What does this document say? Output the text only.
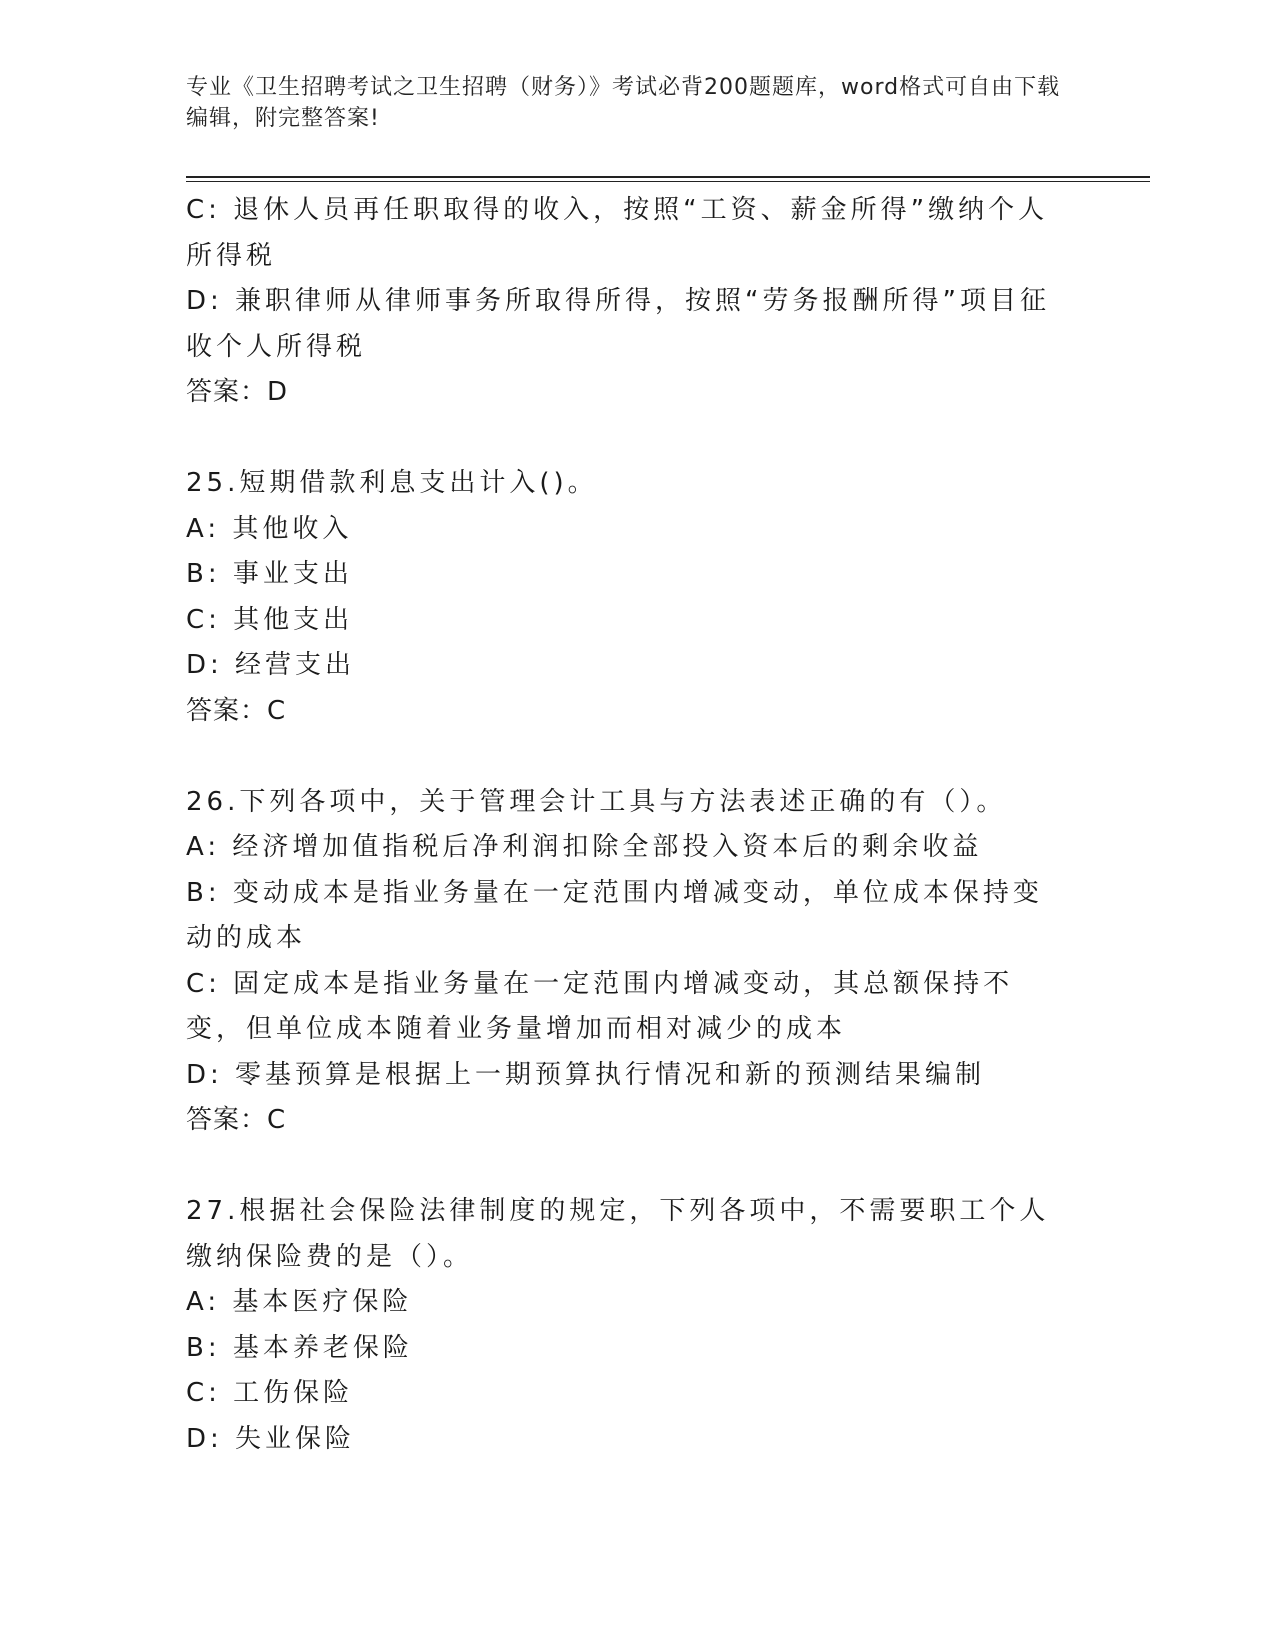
专业《卫生招聘考试之卫生招聘（财务）》考试必背200题题库，word格式可自由下载编辑，附完整答案!

C: 退休人员再任职取得的收入，按照“工资、薪金所得”缴纳个人所得税

D: 兼职律师从律师事务所取得所得，按照“劳务报酬所得”项目征收个人所得税

答案：D

25.短期借款利息支出计入()。

A: 其他收入

B: 事业支出

C: 其他支出

D: 经营支出

答案：C

26.下列各项中，关于管理会计工具与方法表述正确的有（）。

A: 经济增加值指税后净利润扣除全部投入资本后的剩余收益

B: 变动成本是指业务量在一定范围内增减变动，单位成本保持变动的成本

C: 固定成本是指业务量在一定范围内增减变动，其总额保持不变，但单位成本随着业务量增加而相对减少的成本

D: 零基预算是根据上一期预算执行情况和新的预测结果编制

答案：C

27.根据社会保险法律制度的规定，下列各项中，不需要职工个人缴纳保险费的是（）。

A: 基本医疗保险

B: 基本养老保险

C: 工伤保险

D: 失业保险
